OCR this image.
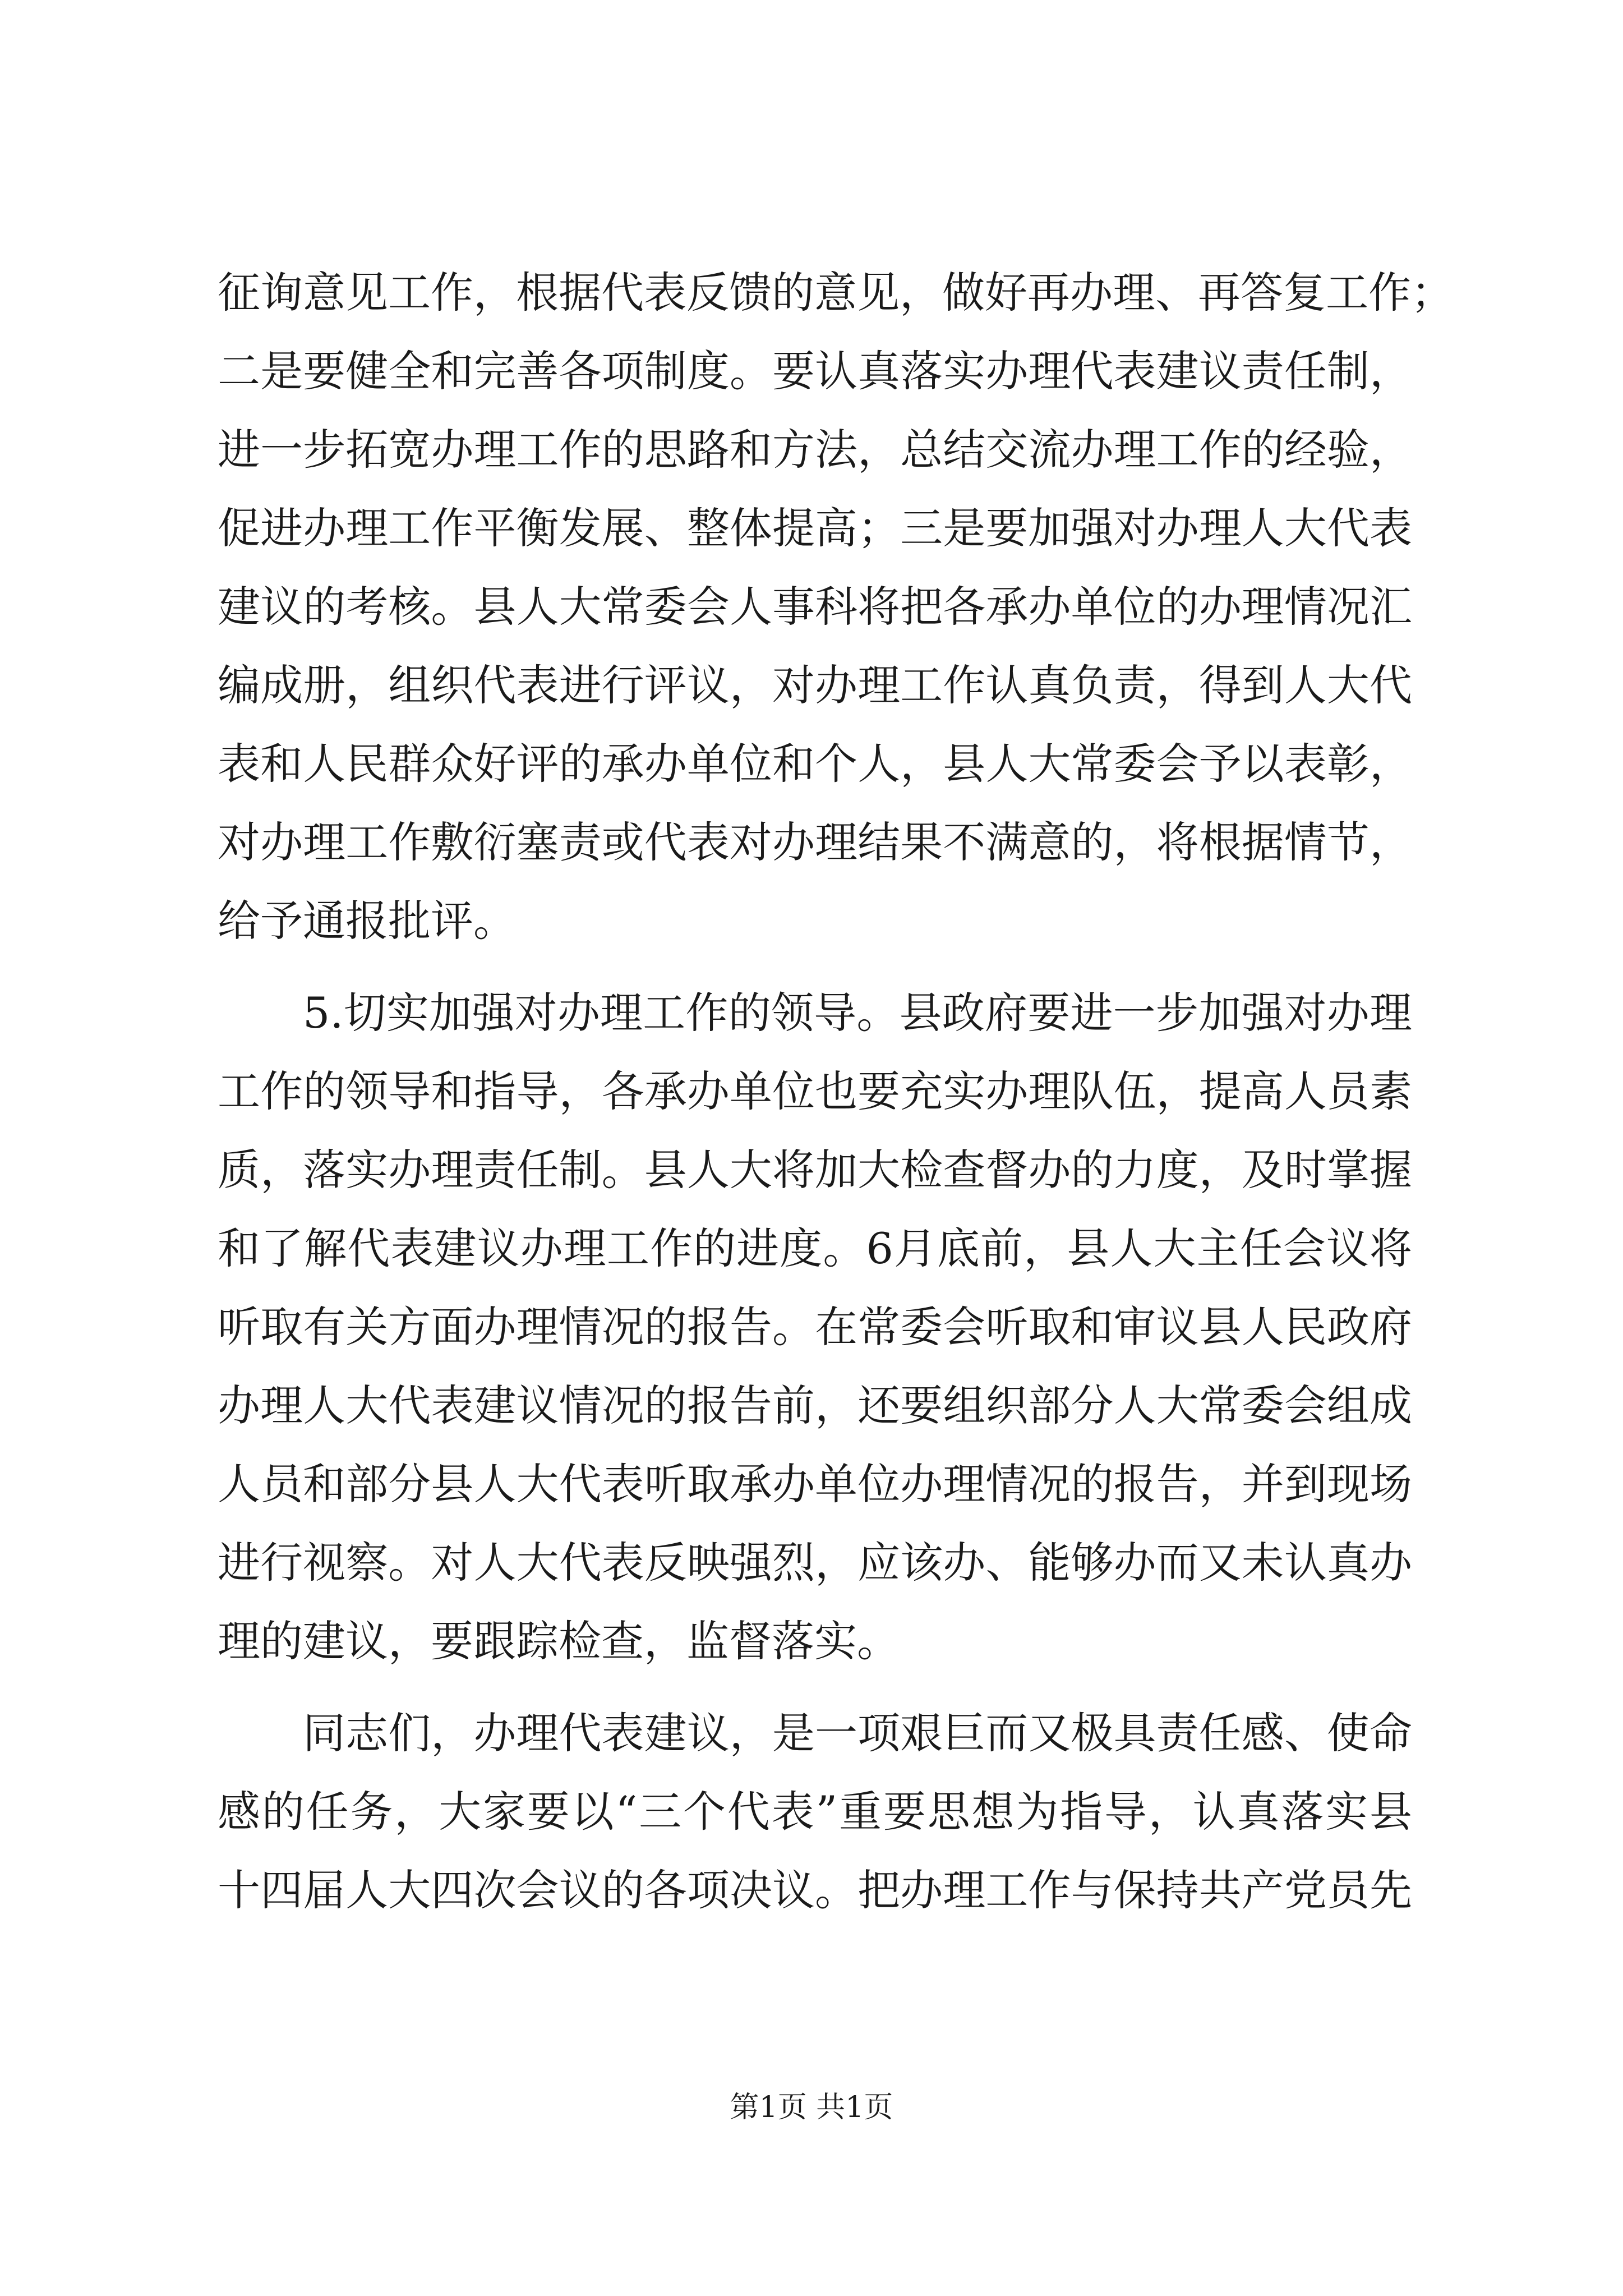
征询意见工作，根据代表反馈的意见，做好再办理、再答复工作；
二是要健全和完善各项制度。要认真落实办理代表建议责任制，
进一步拓宽办理工作的思路和方法，总结交流办理工作的经验，
促进办理工作平衡发展、整体提高；三是要加强对办理人大代表
建议的考核。县人大常委会人事科将把各承办单位的办理情况汇
编成册，组织代表进行评议，对办理工作认真负责，得到人大代
表和人民群众好评的承办单位和个人，县人大常委会予以表彰，
对办理工作敷衍塞责或代表对办理结果不满意的，将根据情节，
给予通报批评。
5.切实加强对办理工作的领导。县政府要进一步加强对办理
工作的领导和指导，各承办单位也要充实办理队伍，提高人员素
质，落实办理责任制。县人大将加大检查督办的力度，及时掌握
和了解代表建议办理工作的进度。6月底前，县人大主任会议将
听取有关方面办理情况的报告。在常委会听取和审议县人民政府
办理人大代表建议情况的报告前，还要组织部分人大常委会组成
人员和部分县人大代表听取承办单位办理情况的报告，并到现场
进行视察。对人大代表反映强烈，应该办、能够办而又未认真办
理的建议，要跟踪检查，监督落实。
同志们，办理代表建议，是一项艰巨而又极具责任感、使命
感的任务，大家要以“三个代表”重要思想为指导，认真落实县
十四届人大四次会议的各项决议。把办理工作与保持共产党员先
第1页 共1页
